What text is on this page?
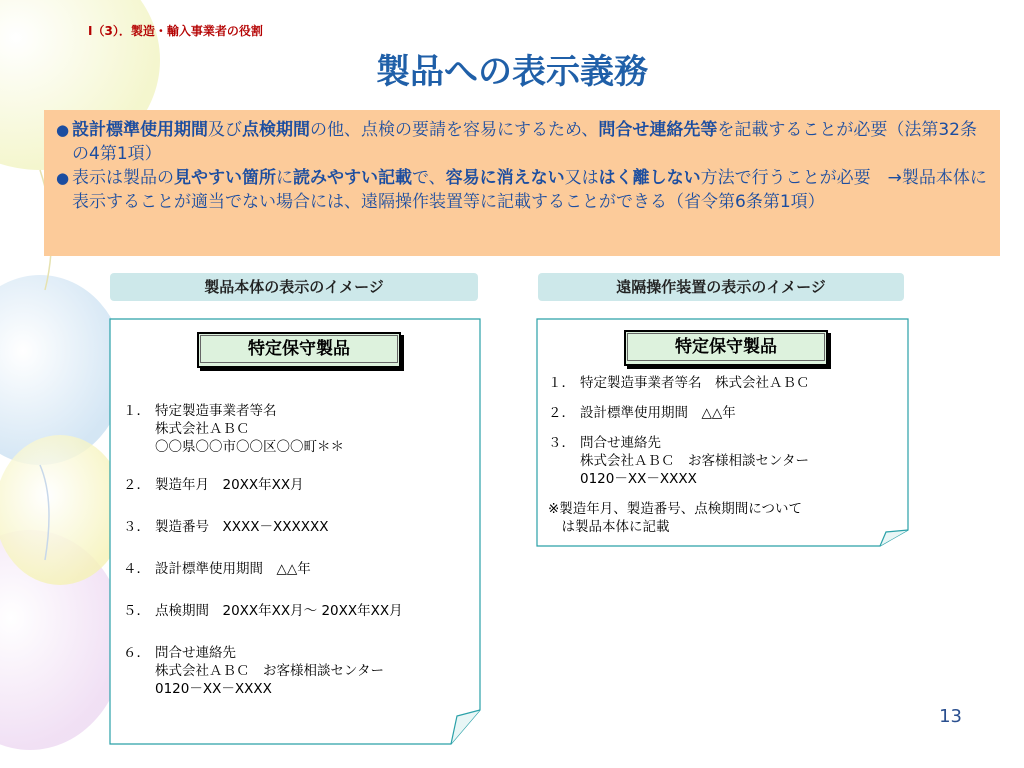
Ⅰ（3）．製造・輸入事業者の役割
製品への表示義務
● 設計標準使用期間及び点検期間の他、点検の要請を容易にするため、問合せ連絡先等を記載することが必要（法第32条の4第1項）
● 表示は製品の見やすい箇所に読みやすい記載で、容易に消えない又ははく離しない方法で行うことが必要　→製品本体に表示することが適当でない場合には、遠隔操作装置等に記載することができる（省令第6条第1項）
製品本体の表示のイメージ	遠隔操作装置の表示のイメージ
特定保守製品
１． 特定製造事業者等名
株式会社ＡＢＣ
〇〇県〇〇市〇〇区〇〇町＊＊
２． 製造年月　20XX年XX月
３． 製造番号　XXXX－XXXXXX
４． 設計標準使用期間　△△年
５． 点検期間　20XX年XX月～ 20XX年XX月
６． 問合せ連絡先
株式会社ＡＢＣ　お客様相談センター
0120－XX－XXXX
特定保守製品
１． 特定製造事業者等名　株式会社ＡＢＣ
２． 設計標準使用期間　△△年
３． 問合せ連絡先
株式会社ＡＢＣ　お客様相談センター
0120－XX－XXXX
※製造年月、製造番号、点検期間について
　は製品本体に記載
13
